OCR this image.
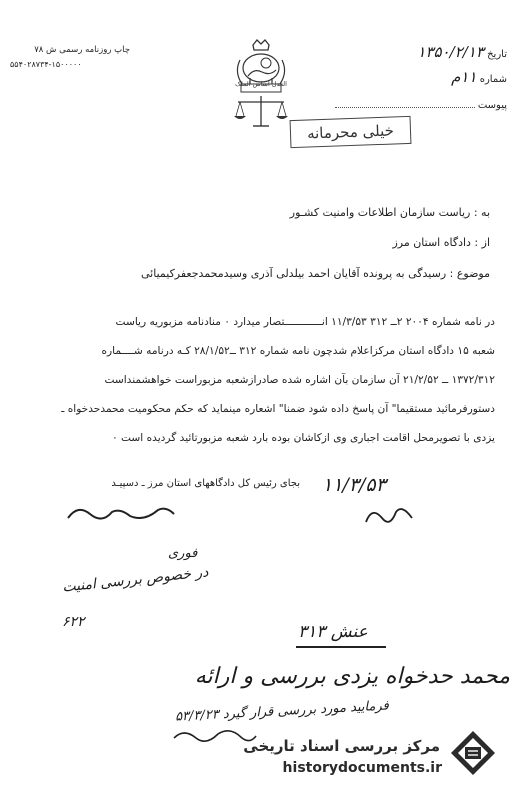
تاریخ ۱۳۵۰/۲/۱۳
شماره ۱۱م
پیوست
چاپ روزنامه رسمی ش ۷۸
۵۵۴۰۲۸۷۳۴-۱۵۰۰۰۰۰
العدل اساس الملک
خیلی محرمانه
به : ریاست سازمان اطلاعات وامنیت کشـور
از : دادگاه استان مرز
موضوع : رسیدگی به پرونده آقایان احمد بیلدلی آذری وسیدمحمدجعفرکیمیائی
در نامه شماره ۲۰۰۴ ۲ــ ۳۱۲ ۱۱/۳/۵۳ انــــــــــــتصار میدارد ۰ منادنامه مزبوریه ریاست
شعبه ۱۵ دادگاه استان مرکزاعلام شدچون نامه شماره ۳۱۲ ــ۲۸/۱/۵۲ کـه درنامه شــــماره
۱۳۷۲/۳۱۲ ــ ۲۱/۲/۵۲ آن سازمان بآن اشاره شده صادرازشعبه مزبوراست خواهشمنداست
دستورفرمائید مستقیما" آن پاسخ داده شود ضمنا" اشعاره مینماید که حکم محکومیت محمدحدخواه ـ
یزدی با تصویرمحل اقامت اجباری وی ازکاشان بوده بارد شعبه مزبورتائید گردیده است ۰
بجای رئیس کل دادگاههای استان مرز ـ دسپیـد ۱۱/۳/۵۳
فوری
در خصوص بررسی امنیت
۶۲۲	عنش ۳۱۳
محمد حدخواه یزدی بررسی و ارائه
فرمایید مورد بررسی قرار گیرد ۵۳/۳/۲۳
مرکز بررسی اسناد تاریخی
historydocuments.ir
